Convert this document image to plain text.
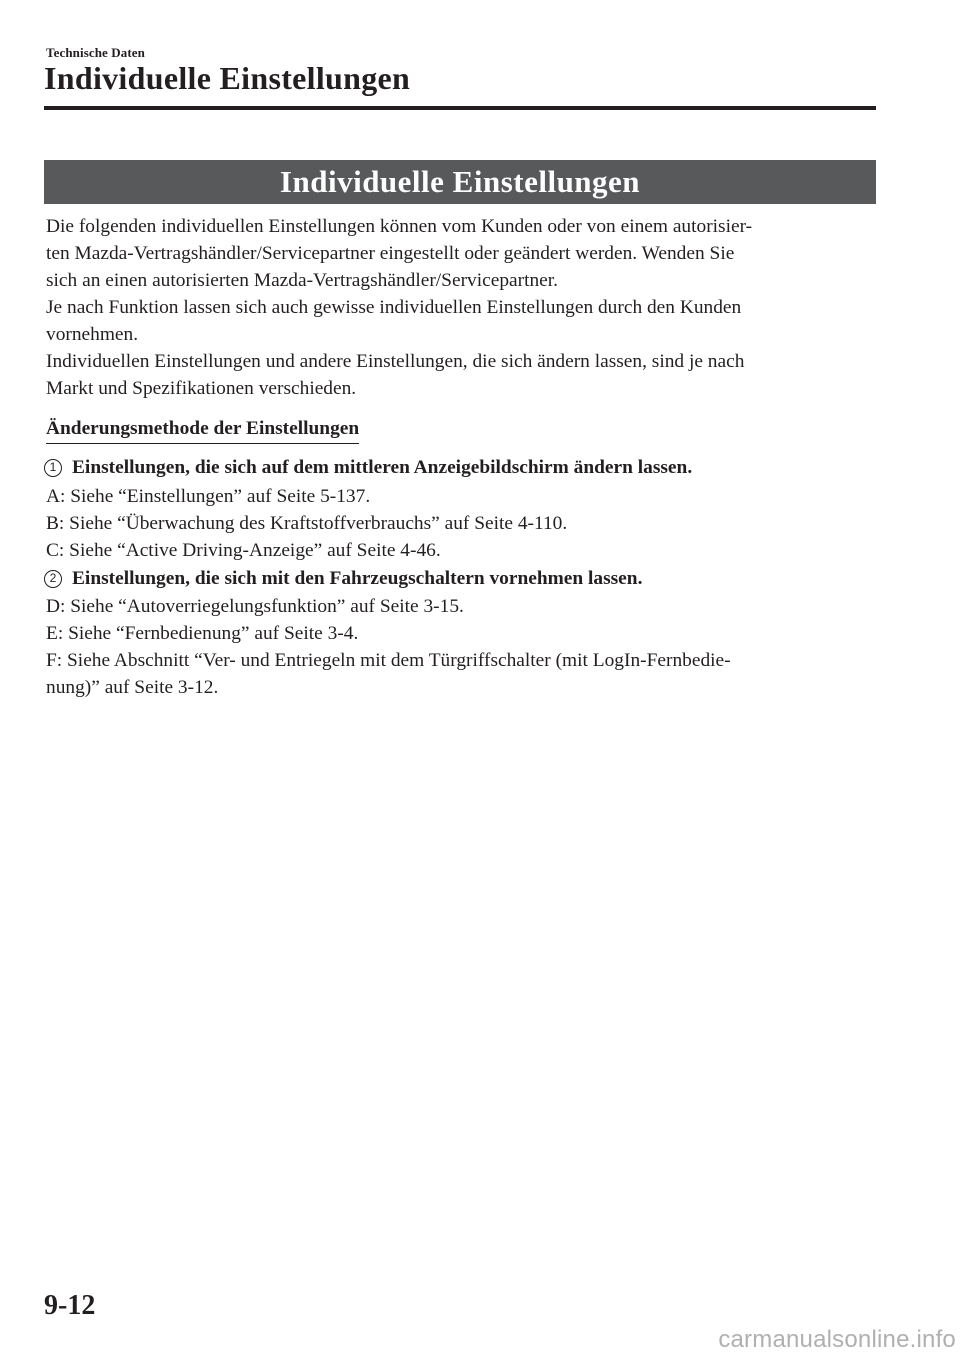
Technische Daten
Individuelle Einstellungen
Individuelle Einstellungen

Die folgenden individuellen Einstellungen können vom Kunden oder von einem autorisier-

ten Mazda-Vertragshändler/Servicepartner eingestellt oder geändert werden. Wenden Sie

sich an einen autorisierten Mazda-Vertragshändler/Servicepartner.

Je nach Funktion lassen sich auch gewisse individuellen Einstellungen durch den Kunden

vornehmen.

Individuellen Einstellungen und andere Einstellungen, die sich ändern lassen, sind je nach

Markt und Spezifikationen verschieden.

Änderungsmethode der Einstellungen
1 Einstellungen, die sich auf dem mittleren Anzeigebildschirm ändern lassen.
A: Siehe “Einstellungen” auf Seite 5-137.
B: Siehe “Überwachung des Kraftstoffverbrauchs” auf Seite 4-110.
C: Siehe “Active Driving-Anzeige” auf Seite 4-46.
2 Einstellungen, die sich mit den Fahrzeugschaltern vornehmen lassen.
D: Siehe “Autoverriegelungsfunktion” auf Seite 3-15.
E: Siehe “Fernbedienung” auf Seite 3-4.
F: Siehe Abschnitt “Ver- und Entriegeln mit dem Türgriffschalter (mit LogIn-Fernbedie-
nung)” auf Seite 3-12.
9-12
carmanualsonline.info
